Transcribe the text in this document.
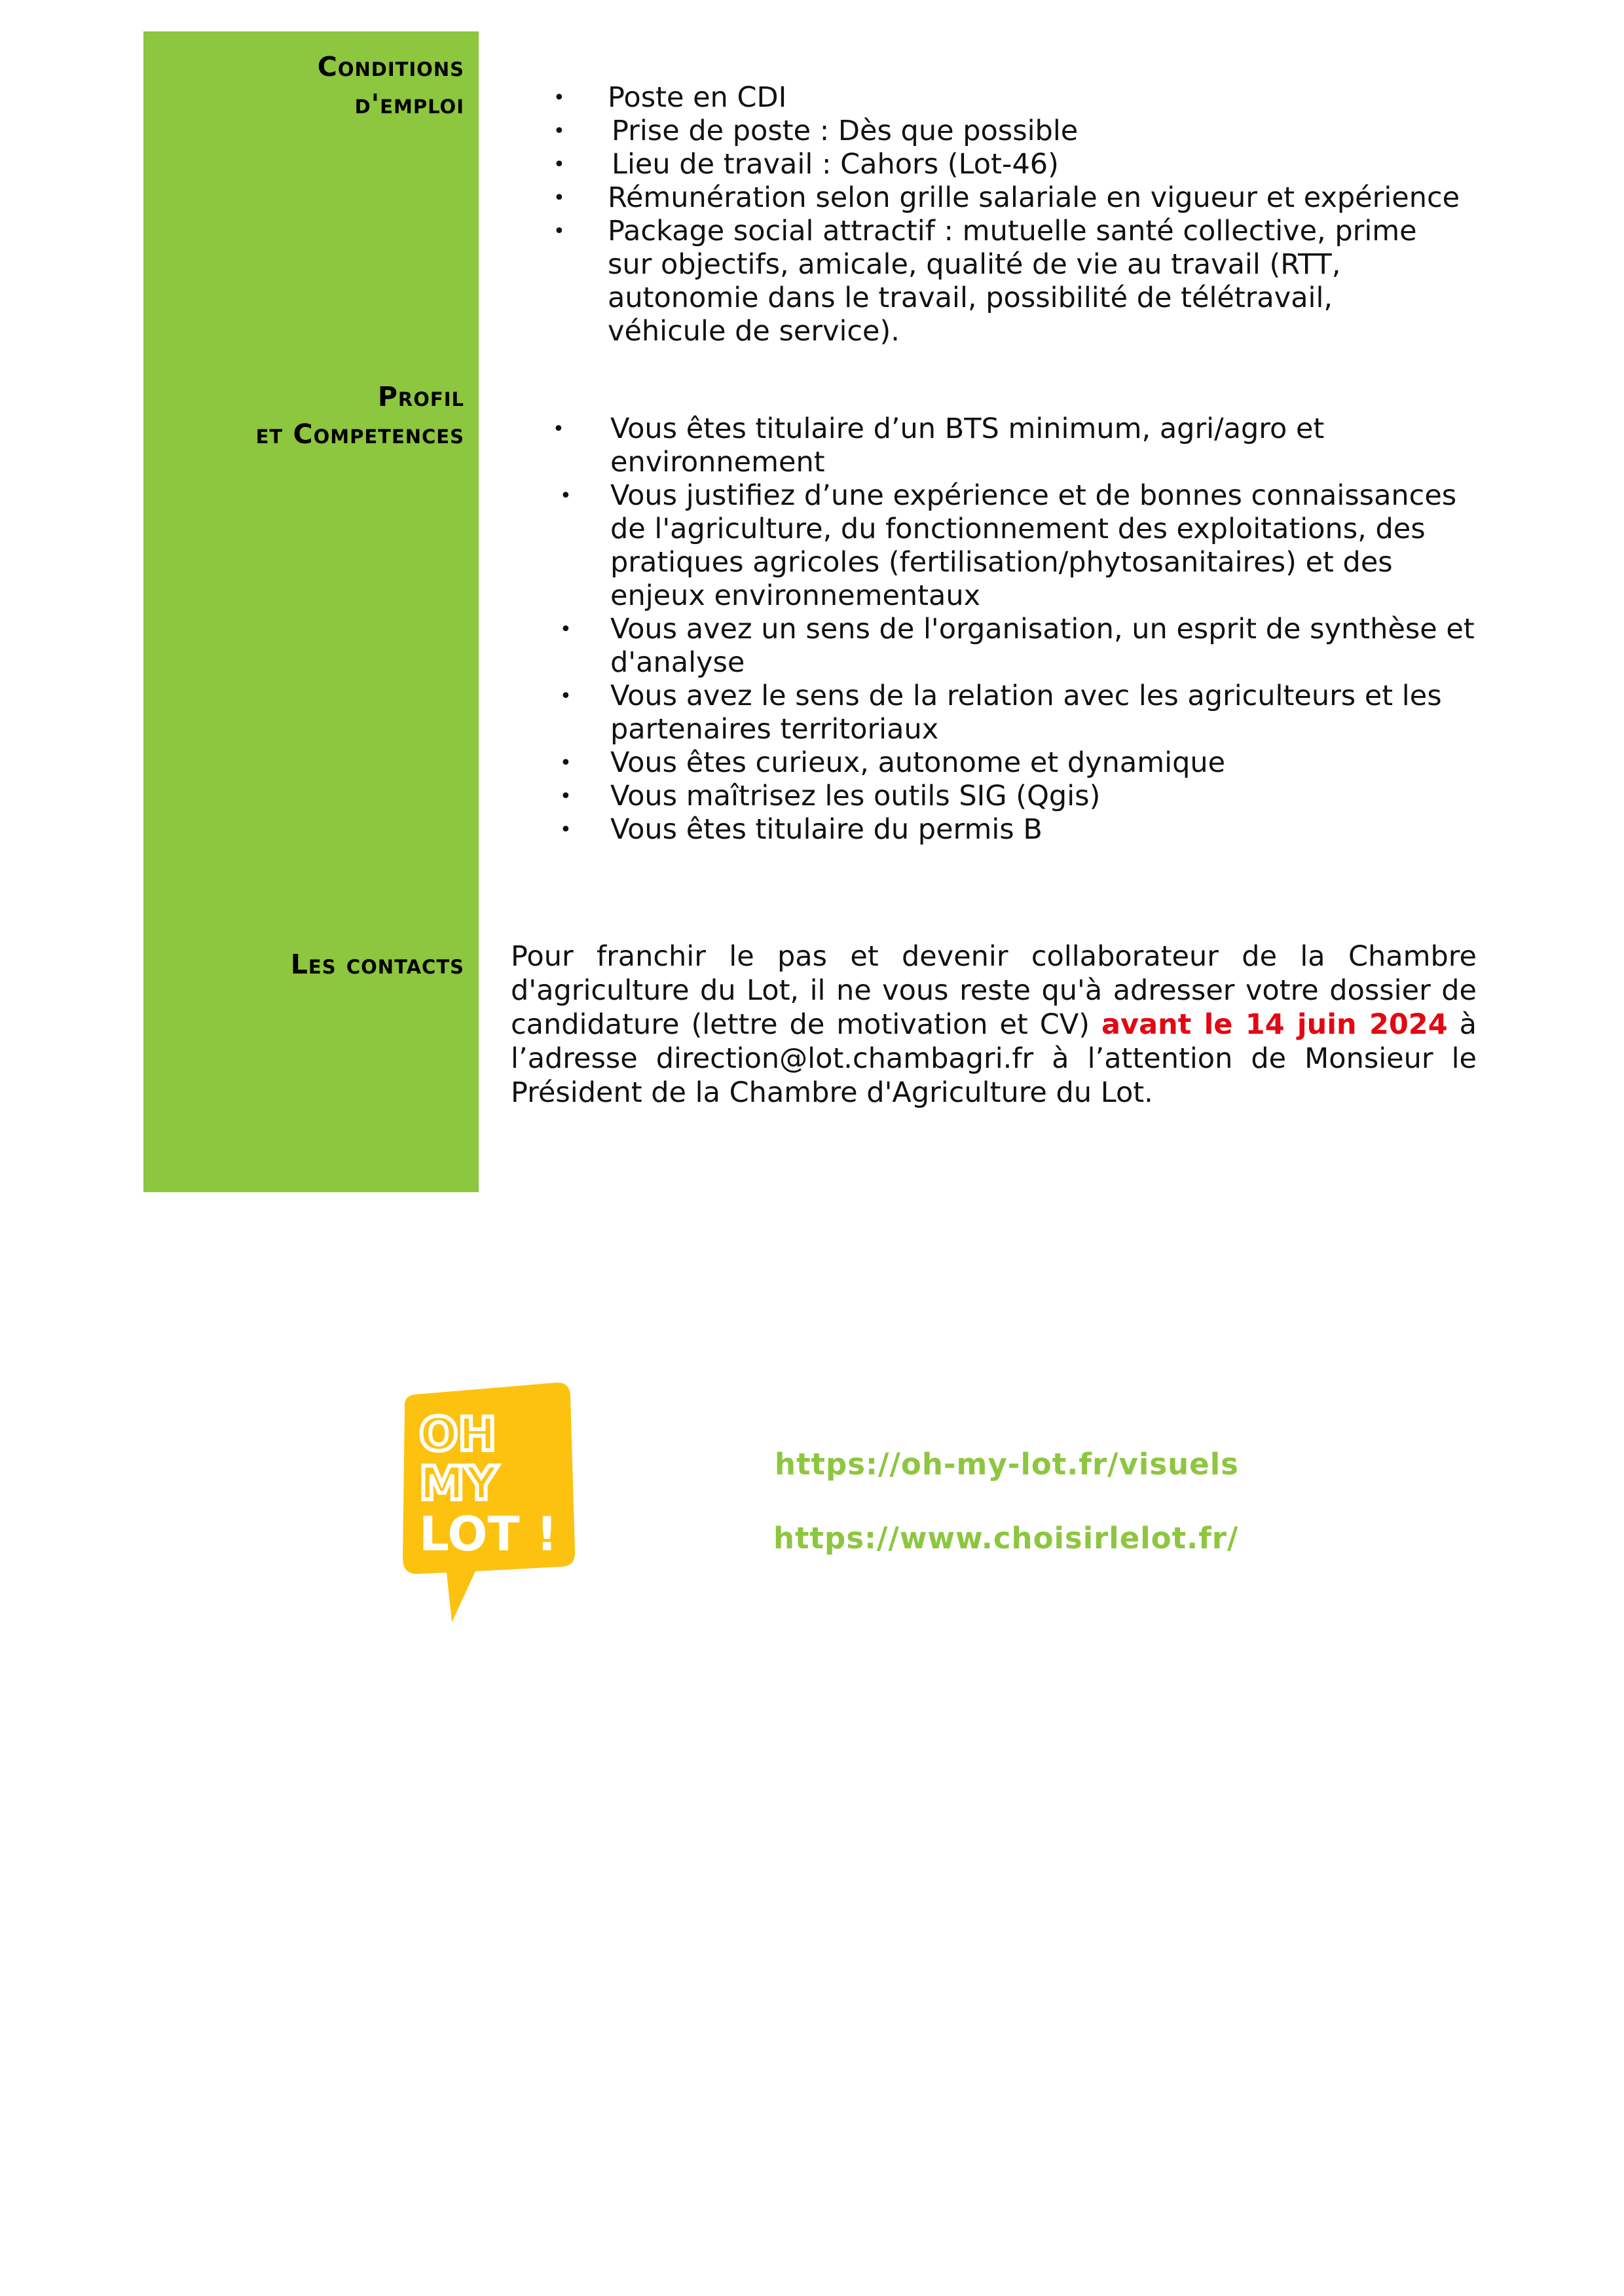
Conditions
d'emploi	• Poste en CDI
• Prise de poste : Dès que possible
• Lieu de travail : Cahors (Lot-46)
• Rémunération selon grille salariale en vigueur et expérience
• Package social attractif : mutuelle santé collective, prime sur objectifs, amicale, qualité de vie au travail (RTT, autonomie dans le travail, possibilité de télétravail, véhicule de service).
Profil
et Competences	• Vous êtes titulaire d’un BTS minimum, agri/agro et environnement
• Vous justifiez d’une expérience et de bonnes connaissances de l'agriculture, du fonctionnement des exploitations, des pratiques agricoles (fertilisation/phytosanitaires) et des enjeux environnementaux
• Vous avez un sens de l'organisation, un esprit de synthèse et d'analyse
• Vous avez le sens de la relation avec les agriculteurs et les partenaires territoriaux
• Vous êtes curieux, autonome et dynamique
• Vous maîtrisez les outils SIG (Qgis)
• Vous êtes titulaire du permis B
Les contacts Pour franchir le pas et devenir collaborateur de la Chambre d'agriculture du Lot, il ne vous reste qu'à adresser votre dossier de candidature (lettre de motivation et CV) avant le 14 juin 2024 à l’adresse direction@lot.chambagri.fr à l’attention de Monsieur le Président de la Chambre d'Agriculture du Lot.

OH
MY
LOT !
https://oh-my-lot.fr/visuels
https://www.choisirlelot.fr/
